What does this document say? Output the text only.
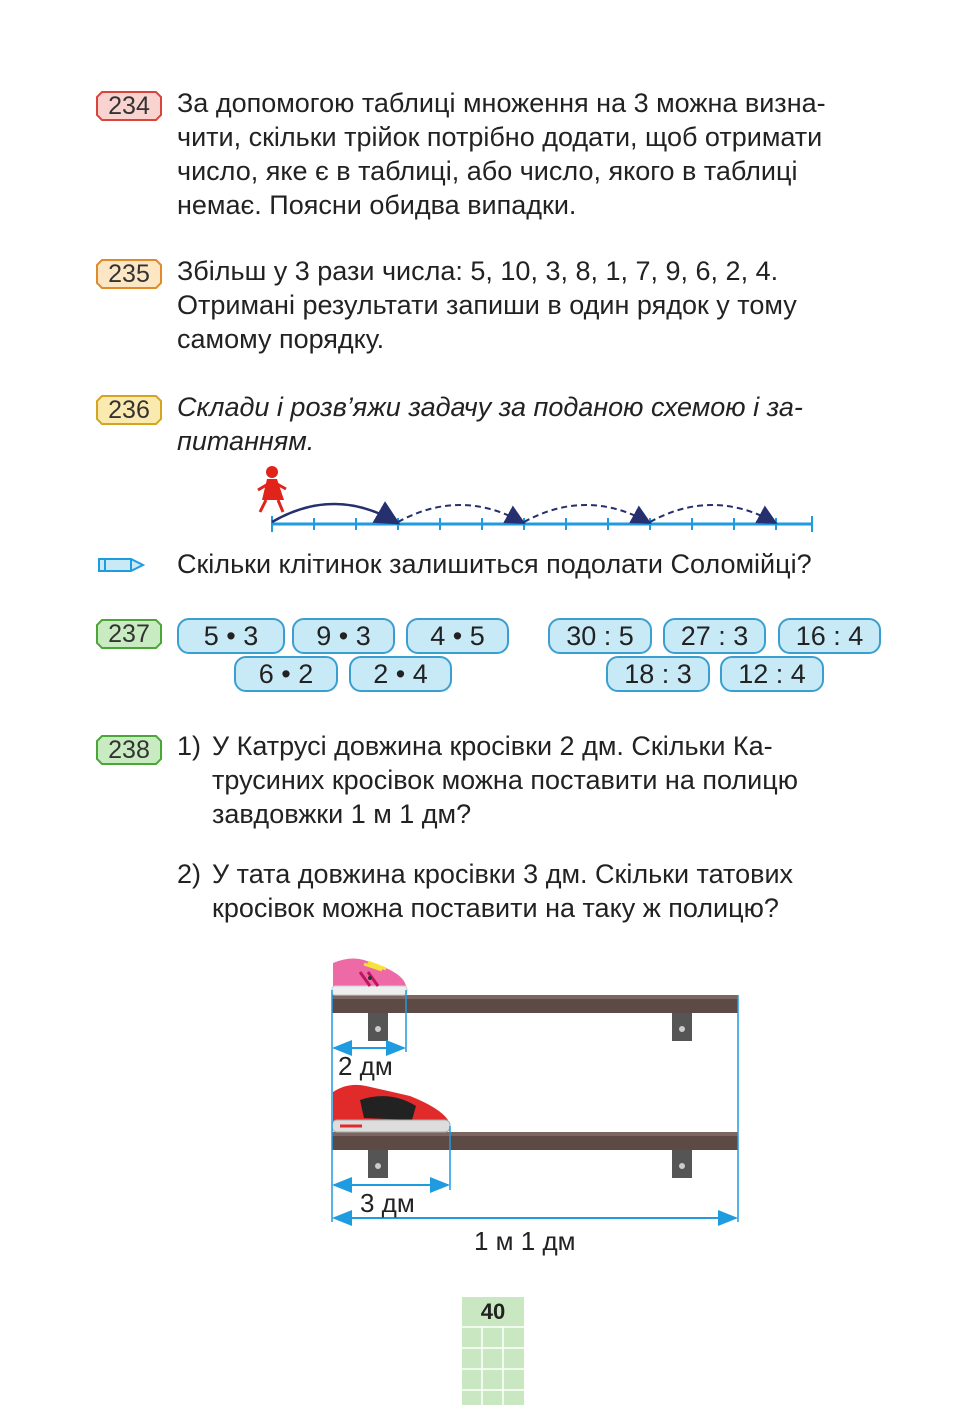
234	За допомогою таблиці множення на 3 можна визна-
чити, скільки трійок потрібно додати, щоб отримати
число, яке є в таблиці, або число, якого в таблиці
немає. Поясни обидва випадки.
235	Збільш у 3 рази числа: 5, 10, 3, 8, 1, 7, 9, 6, 2, 4.
Отримані результати запиши в один рядок у тому
самому порядку.
236	Склади і розв’яжи задачу за поданою схемою і за-
питанням.
Скільки клітинок залишиться подолати Соломійці?
237	5 • 3	9 • 3	4 • 5
6 • 2	2 • 4
30 : 5	27 : 3	16 : 4
18 : 3	12 : 4
238	1) У Катрусі довжина кросівки 2 дм. Скільки Ка-
трусиних кросівок можна поставити на полицю
завдовжки 1 м 1 дм?
2) У тата довжина кросівки 3 дм. Скільки татових
кросівок можна поставити на таку ж полицю?
2 дм
3 дм
1 м 1 дм
40
